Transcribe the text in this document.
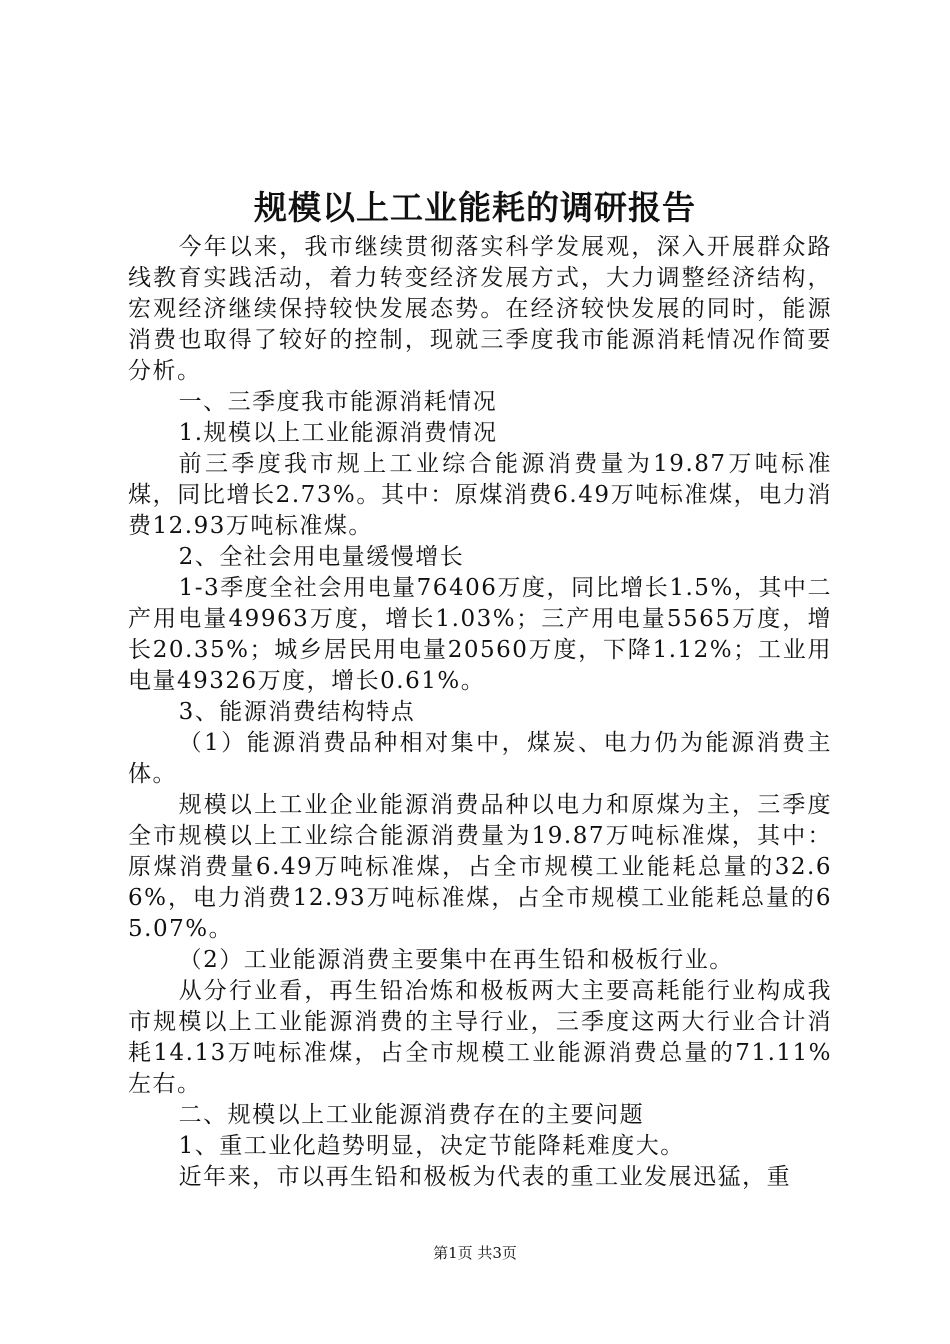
规模以上工业能耗的调研报告

今年以来，我市继续贯彻落实科学发展观，深入开展群众路线教育实践活动，着力转变经济发展方式，大力调整经济结构，宏观经济继续保持较快发展态势。在经济较快发展的同时，能源消费也取得了较好的控制，现就三季度我市能源消耗情况作简要分析。

一、三季度我市能源消耗情况

1.规模以上工业能源消费情况

前三季度我市规上工业综合能源消费量为19.87万吨标准煤，同比增长2.73%。其中：原煤消费6.49万吨标准煤，电力消费12.93万吨标准煤。

2、全社会用电量缓慢增长

1-3季度全社会用电量76406万度，同比增长1.5%，其中二产用电量49963万度，增长1.03%；三产用电量5565万度，增长20.35%；城乡居民用电量20560万度，下降1.12%；工业用电量49326万度，增长0.61%。

3、能源消费结构特点

（1）能源消费品种相对集中，煤炭、电力仍为能源消费主体。

规模以上工业企业能源消费品种以电力和原煤为主，三季度全市规模以上工业综合能源消费量为19.87万吨标准煤，其中：原煤消费量6.49万吨标准煤，占全市规模工业能耗总量的32.66%，电力消费12.93万吨标准煤，占全市规模工业能耗总量的65.07%。

（2）工业能源消费主要集中在再生铅和极板行业。

从分行业看，再生铅冶炼和极板两大主要高耗能行业构成我市规模以上工业能源消费的主导行业，三季度这两大行业合计消耗14.13万吨标准煤，占全市规模工业能源消费总量的71.11%左右。

二、规模以上工业能源消费存在的主要问题

1、重工业化趋势明显，决定节能降耗难度大。

近年来，市以再生铅和极板为代表的重工业发展迅猛，重

第1页 共3页
